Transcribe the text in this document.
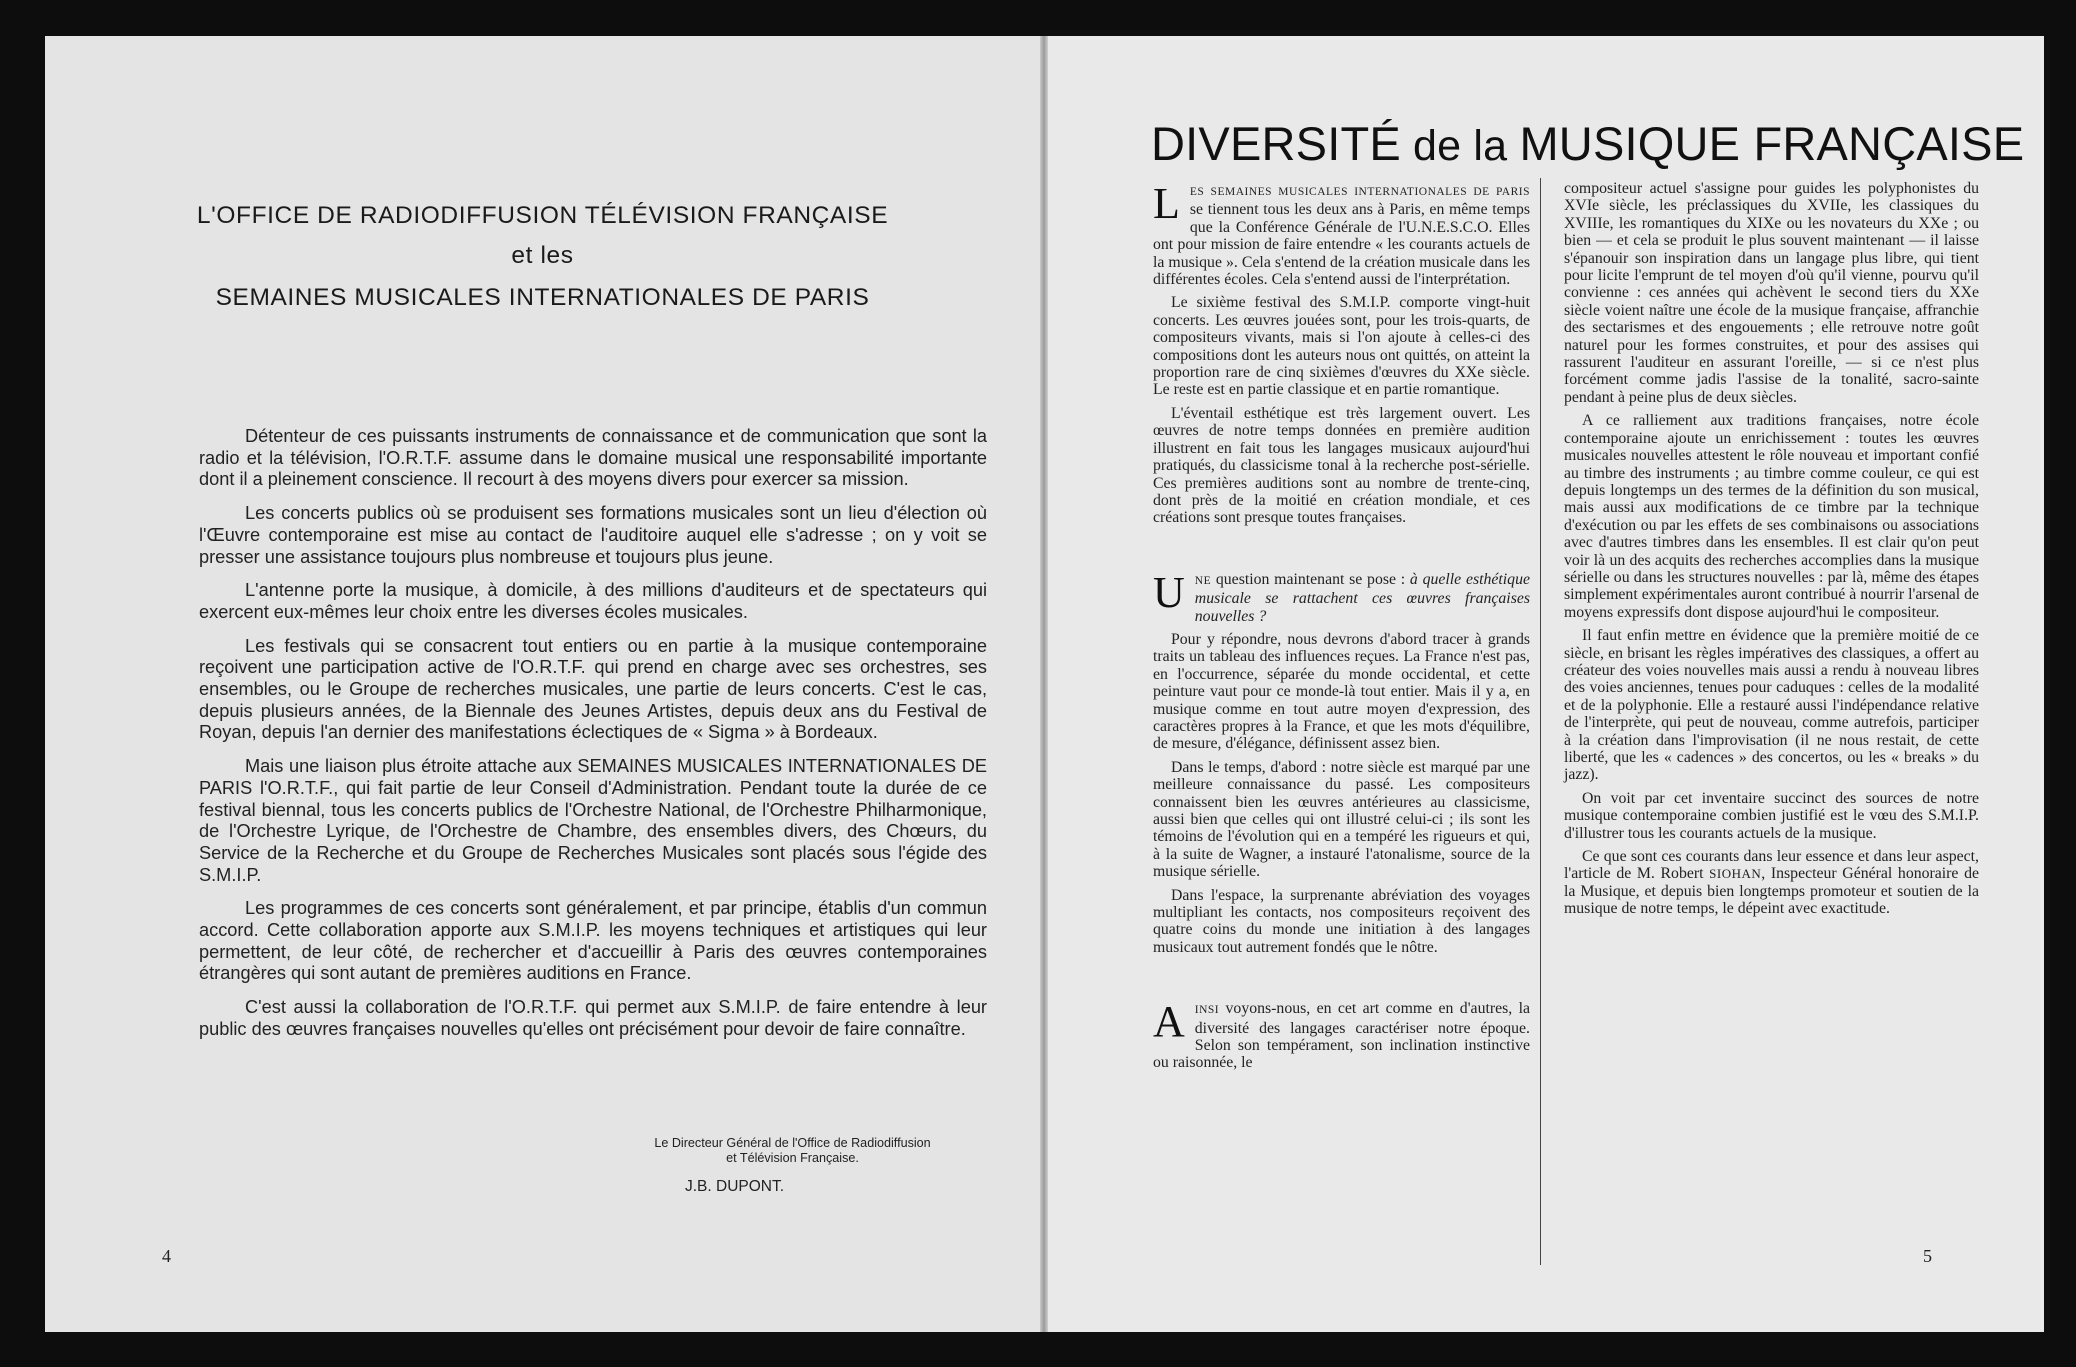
L'OFFICE DE RADIODIFFUSION TÉLÉVISION FRANÇAISE
et les
SEMAINES MUSICALES INTERNATIONALES DE PARIS

Détenteur de ces puissants instruments de connaissance et de communication que sont la radio et la télévision, l'O.R.T.F. assume dans le domaine musical une responsabilité importante dont il a pleinement conscience. Il recourt à des moyens divers pour exercer sa mission.

Les concerts publics où se produisent ses formations musicales sont un lieu d'élection où l'Œuvre contemporaine est mise au contact de l'auditoire auquel elle s'adresse ; on y voit se presser une assistance toujours plus nombreuse et toujours plus jeune.

L'antenne porte la musique, à domicile, à des millions d'auditeurs et de spectateurs qui exercent eux-mêmes leur choix entre les diverses écoles musicales.

Les festivals qui se consacrent tout entiers ou en partie à la musique contemporaine reçoivent une participation active de l'O.R.T.F. qui prend en charge avec ses orchestres, ses ensembles, ou le Groupe de recherches musicales, une partie de leurs concerts. C'est le cas, depuis plusieurs années, de la Biennale des Jeunes Artistes, depuis deux ans du Festival de Royan, depuis l'an dernier des manifestations éclectiques de « Sigma » à Bordeaux.

Mais une liaison plus étroite attache aux SEMAINES MUSICALES INTERNATIONALES DE PARIS l'O.R.T.F., qui fait partie de leur Conseil d'Administration. Pendant toute la durée de ce festival biennal, tous les concerts publics de l'Orchestre National, de l'Orchestre Philharmonique, de l'Orchestre Lyrique, de l'Orchestre de Chambre, des ensembles divers, des Chœurs, du Service de la Recherche et du Groupe de Recherches Musicales sont placés sous l'égide des S.M.I.P.

Les programmes de ces concerts sont généralement, et par principe, établis d'un commun accord. Cette collaboration apporte aux S.M.I.P. les moyens techniques et artistiques qui leur permettent, de leur côté, de rechercher et d'accueillir à Paris des œuvres contemporaines étrangères qui sont autant de premières auditions en France.

C'est aussi la collaboration de l'O.R.T.F. qui permet aux S.M.I.P. de faire entendre à leur public des œuvres françaises nouvelles qu'elles ont précisément pour devoir de faire connaître.

Le Directeur Général de l'Office de Radiodiffusion
et Télévision Française.
J.B. DUPONT.
4
DIVERSITÉ de la MUSIQUE FRANÇAISE

LES SEMAINES MUSICALES INTERNATIONALES DE PARIS se tiennent tous les deux ans à Paris, en même temps que la Conférence Générale de l'U.N.E.S.C.O. Elles ont pour mission de faire entendre « les courants actuels de la musique ». Cela s'entend de la création musicale dans les différentes écoles. Cela s'entend aussi de l'interprétation.

Le sixième festival des S.M.I.P. comporte vingt-huit concerts. Les œuvres jouées sont, pour les trois-quarts, de compositeurs vivants, mais si l'on ajoute à celles-ci des compositions dont les auteurs nous ont quittés, on atteint la proportion rare de cinq sixièmes d'œuvres du XXe siècle. Le reste est en partie classique et en partie romantique.

L'éventail esthétique est très largement ouvert. Les œuvres de notre temps données en première audition illustrent en fait tous les langages musicaux aujourd'hui pratiqués, du classicisme tonal à la recherche post-sérielle. Ces premières auditions sont au nombre de trente-cinq, dont près de la moitié en création mondiale, et ces créations sont presque toutes françaises.

UNE question maintenant se pose : à quelle esthétique musicale se rattachent ces œuvres françaises nouvelles ?

Pour y répondre, nous devrons d'abord tracer à grands traits un tableau des influences reçues. La France n'est pas, en l'occurrence, séparée du monde occidental, et cette peinture vaut pour ce monde-là tout entier. Mais il y a, en musique comme en tout autre moyen d'expression, des caractères propres à la France, et que les mots d'équilibre, de mesure, d'élégance, définissent assez bien.

Dans le temps, d'abord : notre siècle est marqué par une meilleure connaissance du passé. Les compositeurs connaissent bien les œuvres antérieures au classicisme, aussi bien que celles qui ont illustré celui-ci ; ils sont les témoins de l'évolution qui en a tempéré les rigueurs et qui, à la suite de Wagner, a instauré l'atonalisme, source de la musique sérielle.

Dans l'espace, la surprenante abréviation des voyages multipliant les contacts, nos compositeurs reçoivent des quatre coins du monde une initiation à des langages musicaux tout autrement fondés que le nôtre.

AINSI voyons-nous, en cet art comme en d'autres, la diversité des langages caractériser notre époque. Selon son tempérament, son inclination instinctive ou raisonnée, le

compositeur actuel s'assigne pour guides les polyphonistes du XVIe siècle, les préclassiques du XVIIe, les classiques du XVIIIe, les romantiques du XIXe ou les novateurs du XXe ; ou bien — et cela se produit le plus souvent maintenant — il laisse s'épanouir son inspiration dans un langage plus libre, qui tient pour licite l'emprunt de tel moyen d'où qu'il vienne, pourvu qu'il convienne : ces années qui achèvent le second tiers du XXe siècle voient naître une école de la musique française, affranchie des sectarismes et des engouements ; elle retrouve notre goût naturel pour les formes construites, et pour des assises qui rassurent l'auditeur en assurant l'oreille, — si ce n'est plus forcément comme jadis l'assise de la tonalité, sacro-sainte pendant à peine plus de deux siècles.

A ce ralliement aux traditions françaises, notre école contemporaine ajoute un enrichissement : toutes les œuvres musicales nouvelles attestent le rôle nouveau et important confié au timbre des instruments ; au timbre comme couleur, ce qui est depuis longtemps un des termes de la définition du son musical, mais aussi aux modifications de ce timbre par la technique d'exécution ou par les effets de ses combinaisons ou associations avec d'autres timbres dans les ensembles. Il est clair qu'on peut voir là un des acquits des recherches accomplies dans la musique sérielle ou dans les structures nouvelles : par là, même des étapes simplement expérimentales auront contribué à nourrir l'arsenal de moyens expressifs dont dispose aujourd'hui le compositeur.

Il faut enfin mettre en évidence que la première moitié de ce siècle, en brisant les règles impératives des classiques, a offert au créateur des voies nouvelles mais aussi a rendu à nouveau libres des voies anciennes, tenues pour caduques : celles de la modalité et de la polyphonie. Elle a restauré aussi l'indépendance relative de l'interprète, qui peut de nouveau, comme autrefois, participer à la création dans l'improvisation (il ne nous restait, de cette liberté, que les « cadences » des concertos, ou les « breaks » du jazz).

On voit par cet inventaire succinct des sources de notre musique contemporaine combien justifié est le vœu des S.M.I.P. d'illustrer tous les courants actuels de la musique.

Ce que sont ces courants dans leur essence et dans leur aspect, l'article de M. Robert SIOHAN, Inspecteur Général honoraire de la Musique, et depuis bien longtemps promoteur et soutien de la musique de notre temps, le dépeint avec exactitude.

5
